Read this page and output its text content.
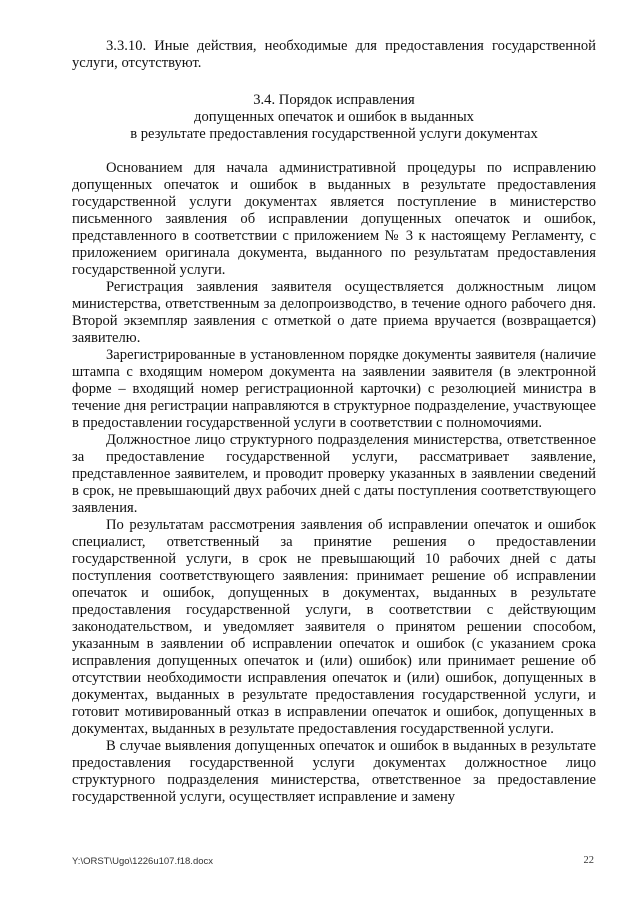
3.3.10. Иные действия, необходимые для предоставления государственной услуги, отсутствуют.
3.4. Порядок исправления
допущенных опечаток и ошибок в выданных
в результате предоставления государственной услуги документах

Основанием для начала административной процедуры по исправлению допущенных опечаток и ошибок в выданных в результате предоставления государственной услуги документах является поступление в министерство письменного заявления об исправлении допущенных опечаток и ошибок, представленного в соответствии с приложением № 3 к настоящему Регламенту, с приложением оригинала документа, выданного по результатам предоставления государственной услуги.

Регистрация заявления заявителя осуществляется должностным лицом министерства, ответственным за делопроизводство, в течение одного рабочего дня. Второй экземпляр заявления с отметкой о дате приема вручается (возвращается) заявителю.

Зарегистрированные в установленном порядке документы заявителя (наличие штампа с входящим номером документа на заявлении заявителя (в электронной форме – входящий номер регистрационной карточки) с резолюцией министра в течение дня регистрации направляются в структурное подразделение, участвующее в предоставлении государственной услуги в соответствии с полномочиями.

Должностное лицо структурного подразделения министерства, ответственное за предоставление государственной услуги, рассматривает заявление, представленное заявителем, и проводит проверку указанных в заявлении сведений в срок, не превышающий двух рабочих дней с даты поступления соответствующего заявления.

По результатам рассмотрения заявления об исправлении опечаток и ошибок специалист, ответственный за принятие решения о предоставлении государственной услуги, в срок не превышающий 10 рабочих дней с даты поступления соответствующего заявления: принимает решение об исправлении опечаток и ошибок, допущенных в документах, выданных в результате предоставления государственной услуги, в соответствии с действующим законодательством, и уведомляет заявителя о принятом решении способом, указанным в заявлении об исправлении опечаток и ошибок (с указанием срока исправления допущенных опечаток и (или) ошибок) или принимает решение об отсутствии необходимости исправления опечаток и (или) ошибок, допущенных в документах, выданных в результате предоставления государственной услуги, и готовит мотивированный отказ в исправлении опечаток и ошибок, допущенных в документах, выданных в результате предоставления государственной услуги.

В случае выявления допущенных опечаток и ошибок в выданных в результате предоставления государственной услуги документах должностное лицо структурного подразделения министерства, ответственное за предоставление государственной услуги, осуществляет исправление и замену

Y:\ORST\Ugo\1226u107.f18.docx	22
